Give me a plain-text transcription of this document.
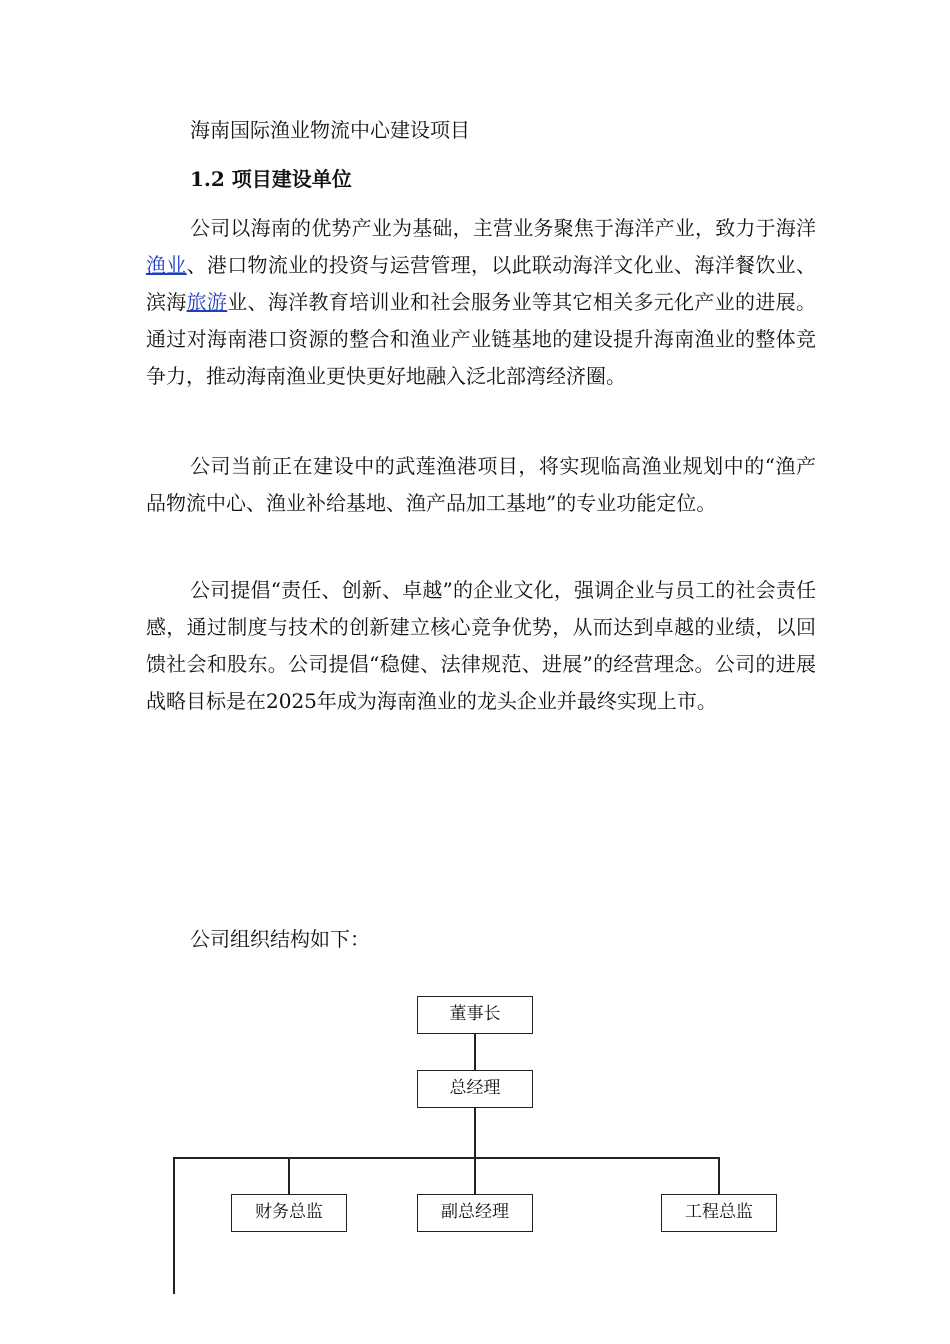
海南国际渔业物流中心建设项目
1.2 项目建设单位
公司以海南的优势产业为基础，主营业务聚焦于海洋产业，致力于海洋渔业、港口物流业的投资与运营管理，以此联动海洋文化业、海洋餐饮业、滨海旅游业、海洋教育培训业和社会服务业等其它相关多元化产业的进展。通过对海南港口资源的整合和渔业产业链基地的建设提升海南渔业的整体竞争力，推动海南渔业更快更好地融入泛北部湾经济圈。
公司当前正在建设中的武莲渔港项目，将实现临高渔业规划中的“渔产品物流中心、渔业补给基地、渔产品加工基地”的专业功能定位。
公司提倡“责任、创新、卓越”的企业文化，强调企业与员工的社会责任感，通过制度与技术的创新建立核心竞争优势，从而达到卓越的业绩，以回馈社会和股东。公司提倡“稳健、法律规范、进展”的经营理念。公司的进展战略目标是在2025年成为海南渔业的龙头企业并最终实现上市。
公司组织结构如下：
董事长
总经理
财务总监	副总经理	工程总监
